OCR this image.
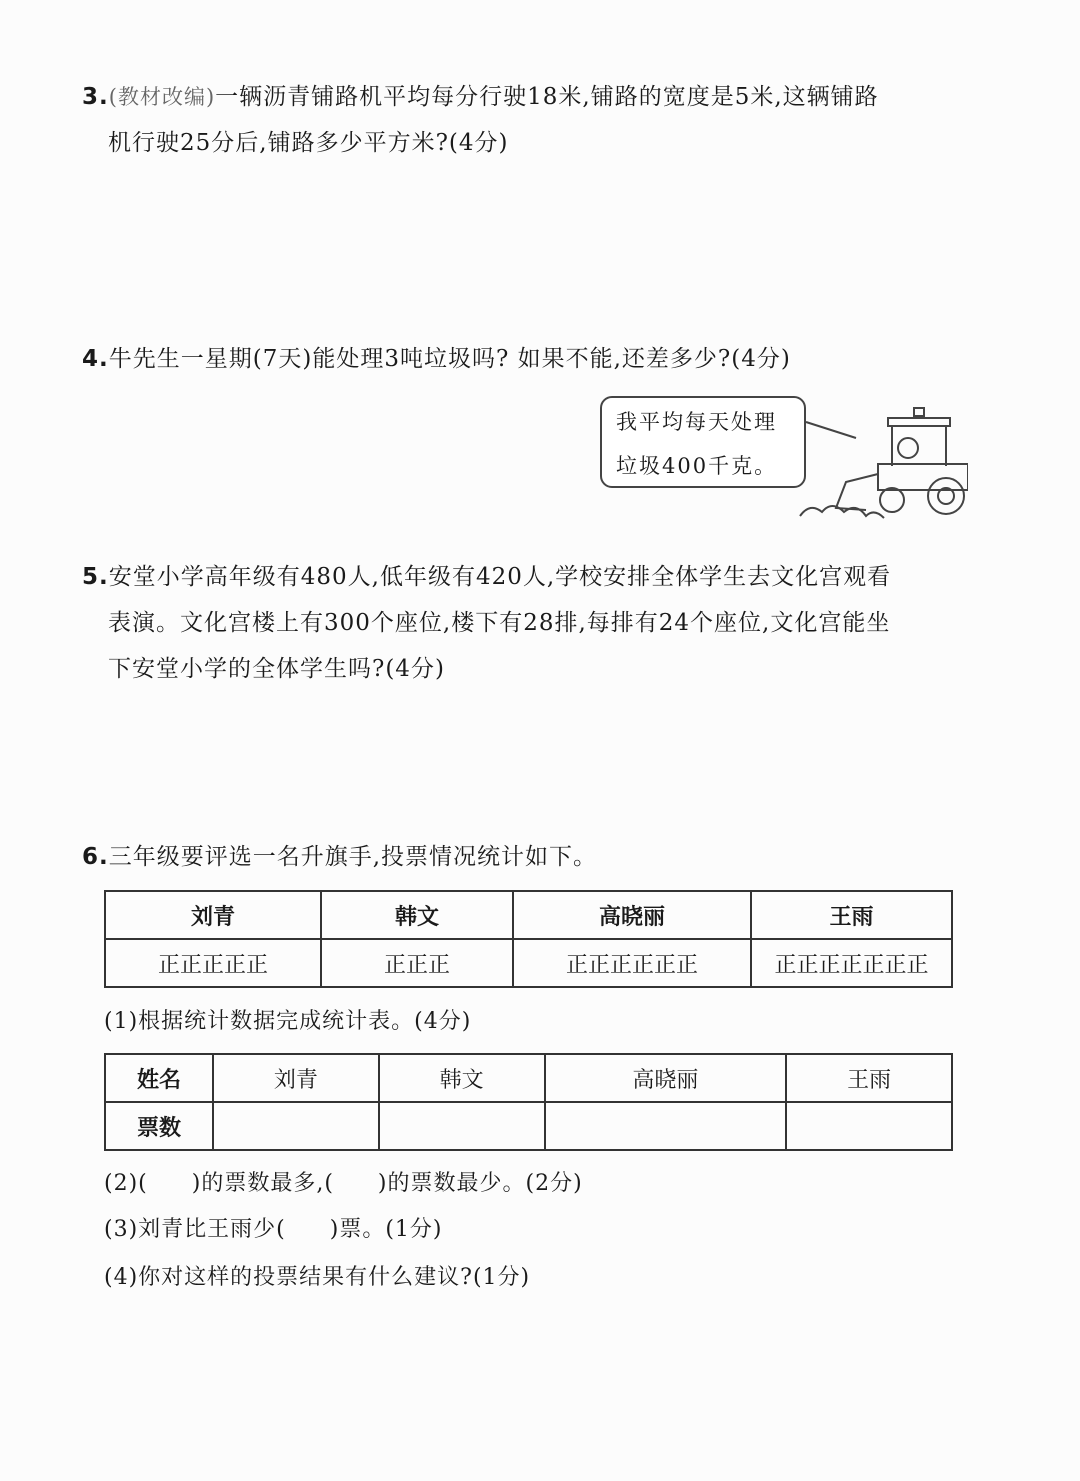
3.(教材改编)一辆沥青铺路机平均每分行驶18米,铺路的宽度是5米,这辆铺路
机行驶25分后,铺路多少平方米?(4分)
4.牛先生一星期(7天)能处理3吨垃圾吗? 如果不能,还差多少?(4分)
我平均每天处理
垃圾400千克。
5.安堂小学高年级有480人,低年级有420人,学校安排全体学生去文化宫观看
表演。文化宫楼上有300个座位,楼下有28排,每排有24个座位,文化宫能坐
下安堂小学的全体学生吗?(4分)
6.三年级要评选一名升旗手,投票情况统计如下。
刘青	韩文	高晓丽	王雨
正正正正正	正正正	正正正正正正	正正正正正正正
(1)根据统计数据完成统计表。(4分)
姓名	刘青	韩文	高晓丽	王雨
票数				
(2)( )的票数最多,( )的票数最少。(2分)
(3)刘青比王雨少( )票。(1分)
(4)你对这样的投票结果有什么建议?(1分)
